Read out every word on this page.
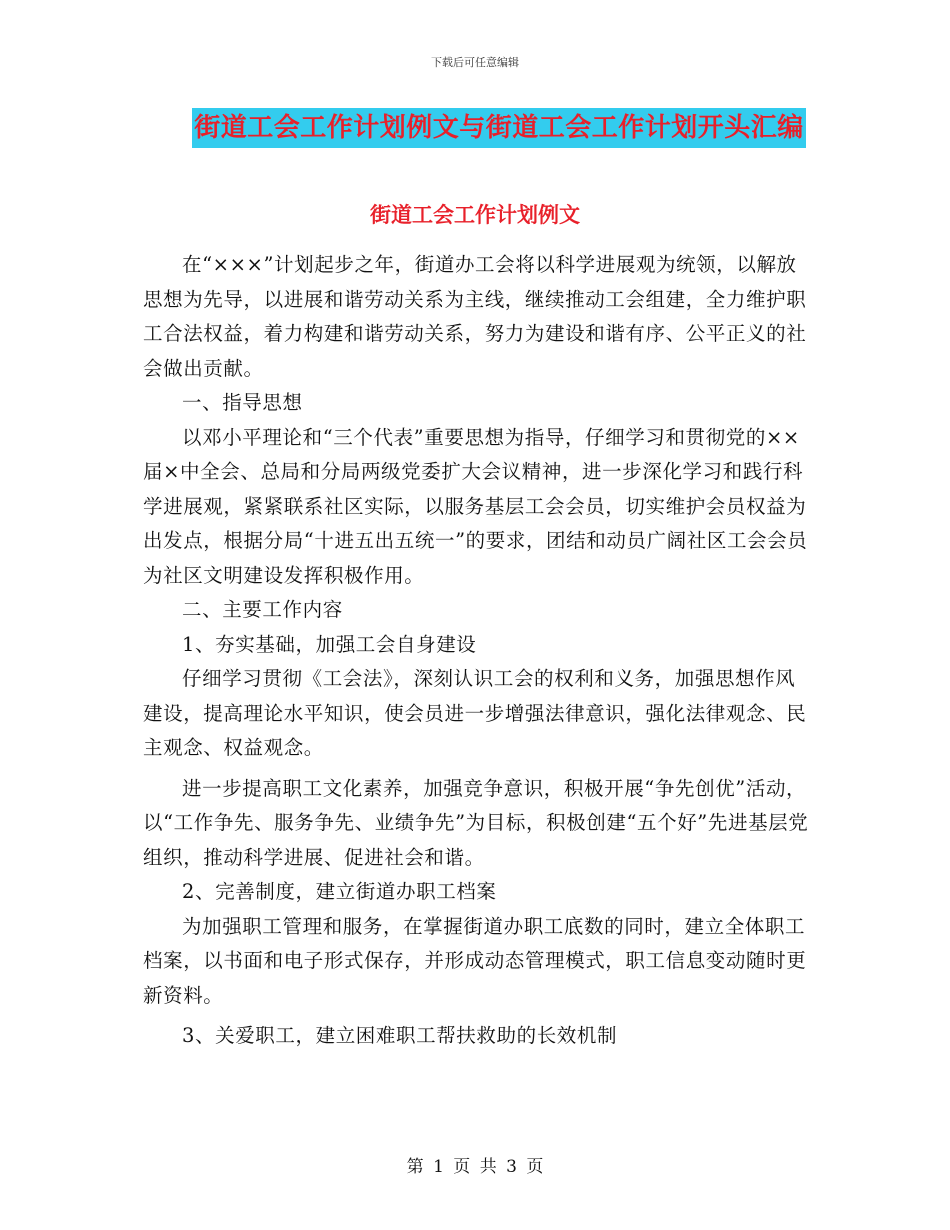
下载后可任意编辑
街道工会工作计划例文与街道工会工作计划开头汇编
街道工会工作计划例文

在“×××”计划起步之年，街道办工会将以科学进展观为统领，以解放思想为先导，以进展和谐劳动关系为主线，继续推动工会组建，全力维护职工合法权益，着力构建和谐劳动关系，努力为建设和谐有序、公平正义的社会做出贡献。

一、指导思想

以邓小平理论和“三个代表”重要思想为指导，仔细学习和贯彻党的××届×中全会、总局和分局两级党委扩大会议精神，进一步深化学习和践行科学进展观，紧紧联系社区实际，以服务基层工会会员，切实维护会员权益为出发点，根据分局“十进五出五统一”的要求，团结和动员广阔社区工会会员为社区文明建设发挥积极作用。

二、主要工作内容

1、夯实基础，加强工会自身建设

仔细学习贯彻《工会法》，深刻认识工会的权利和义务，加强思想作风建设，提高理论水平知识，使会员进一步增强法律意识，强化法律观念、民主观念、权益观念。

进一步提高职工文化素养，加强竞争意识，积极开展“争先创优”活动， 以“工作争先、服务争先、业绩争先”为目标，积极创建“五个好”先进基层党组织，推动科学进展、促进社会和谐。

2、完善制度，建立街道办职工档案

为加强职工管理和服务，在掌握街道办职工底数的同时，建立全体职工档案，以书面和电子形式保存，并形成动态管理模式，职工信息变动随时更新资料。

3、关爱职工，建立困难职工帮扶救助的长效机制

第 1 页 共 3 页
